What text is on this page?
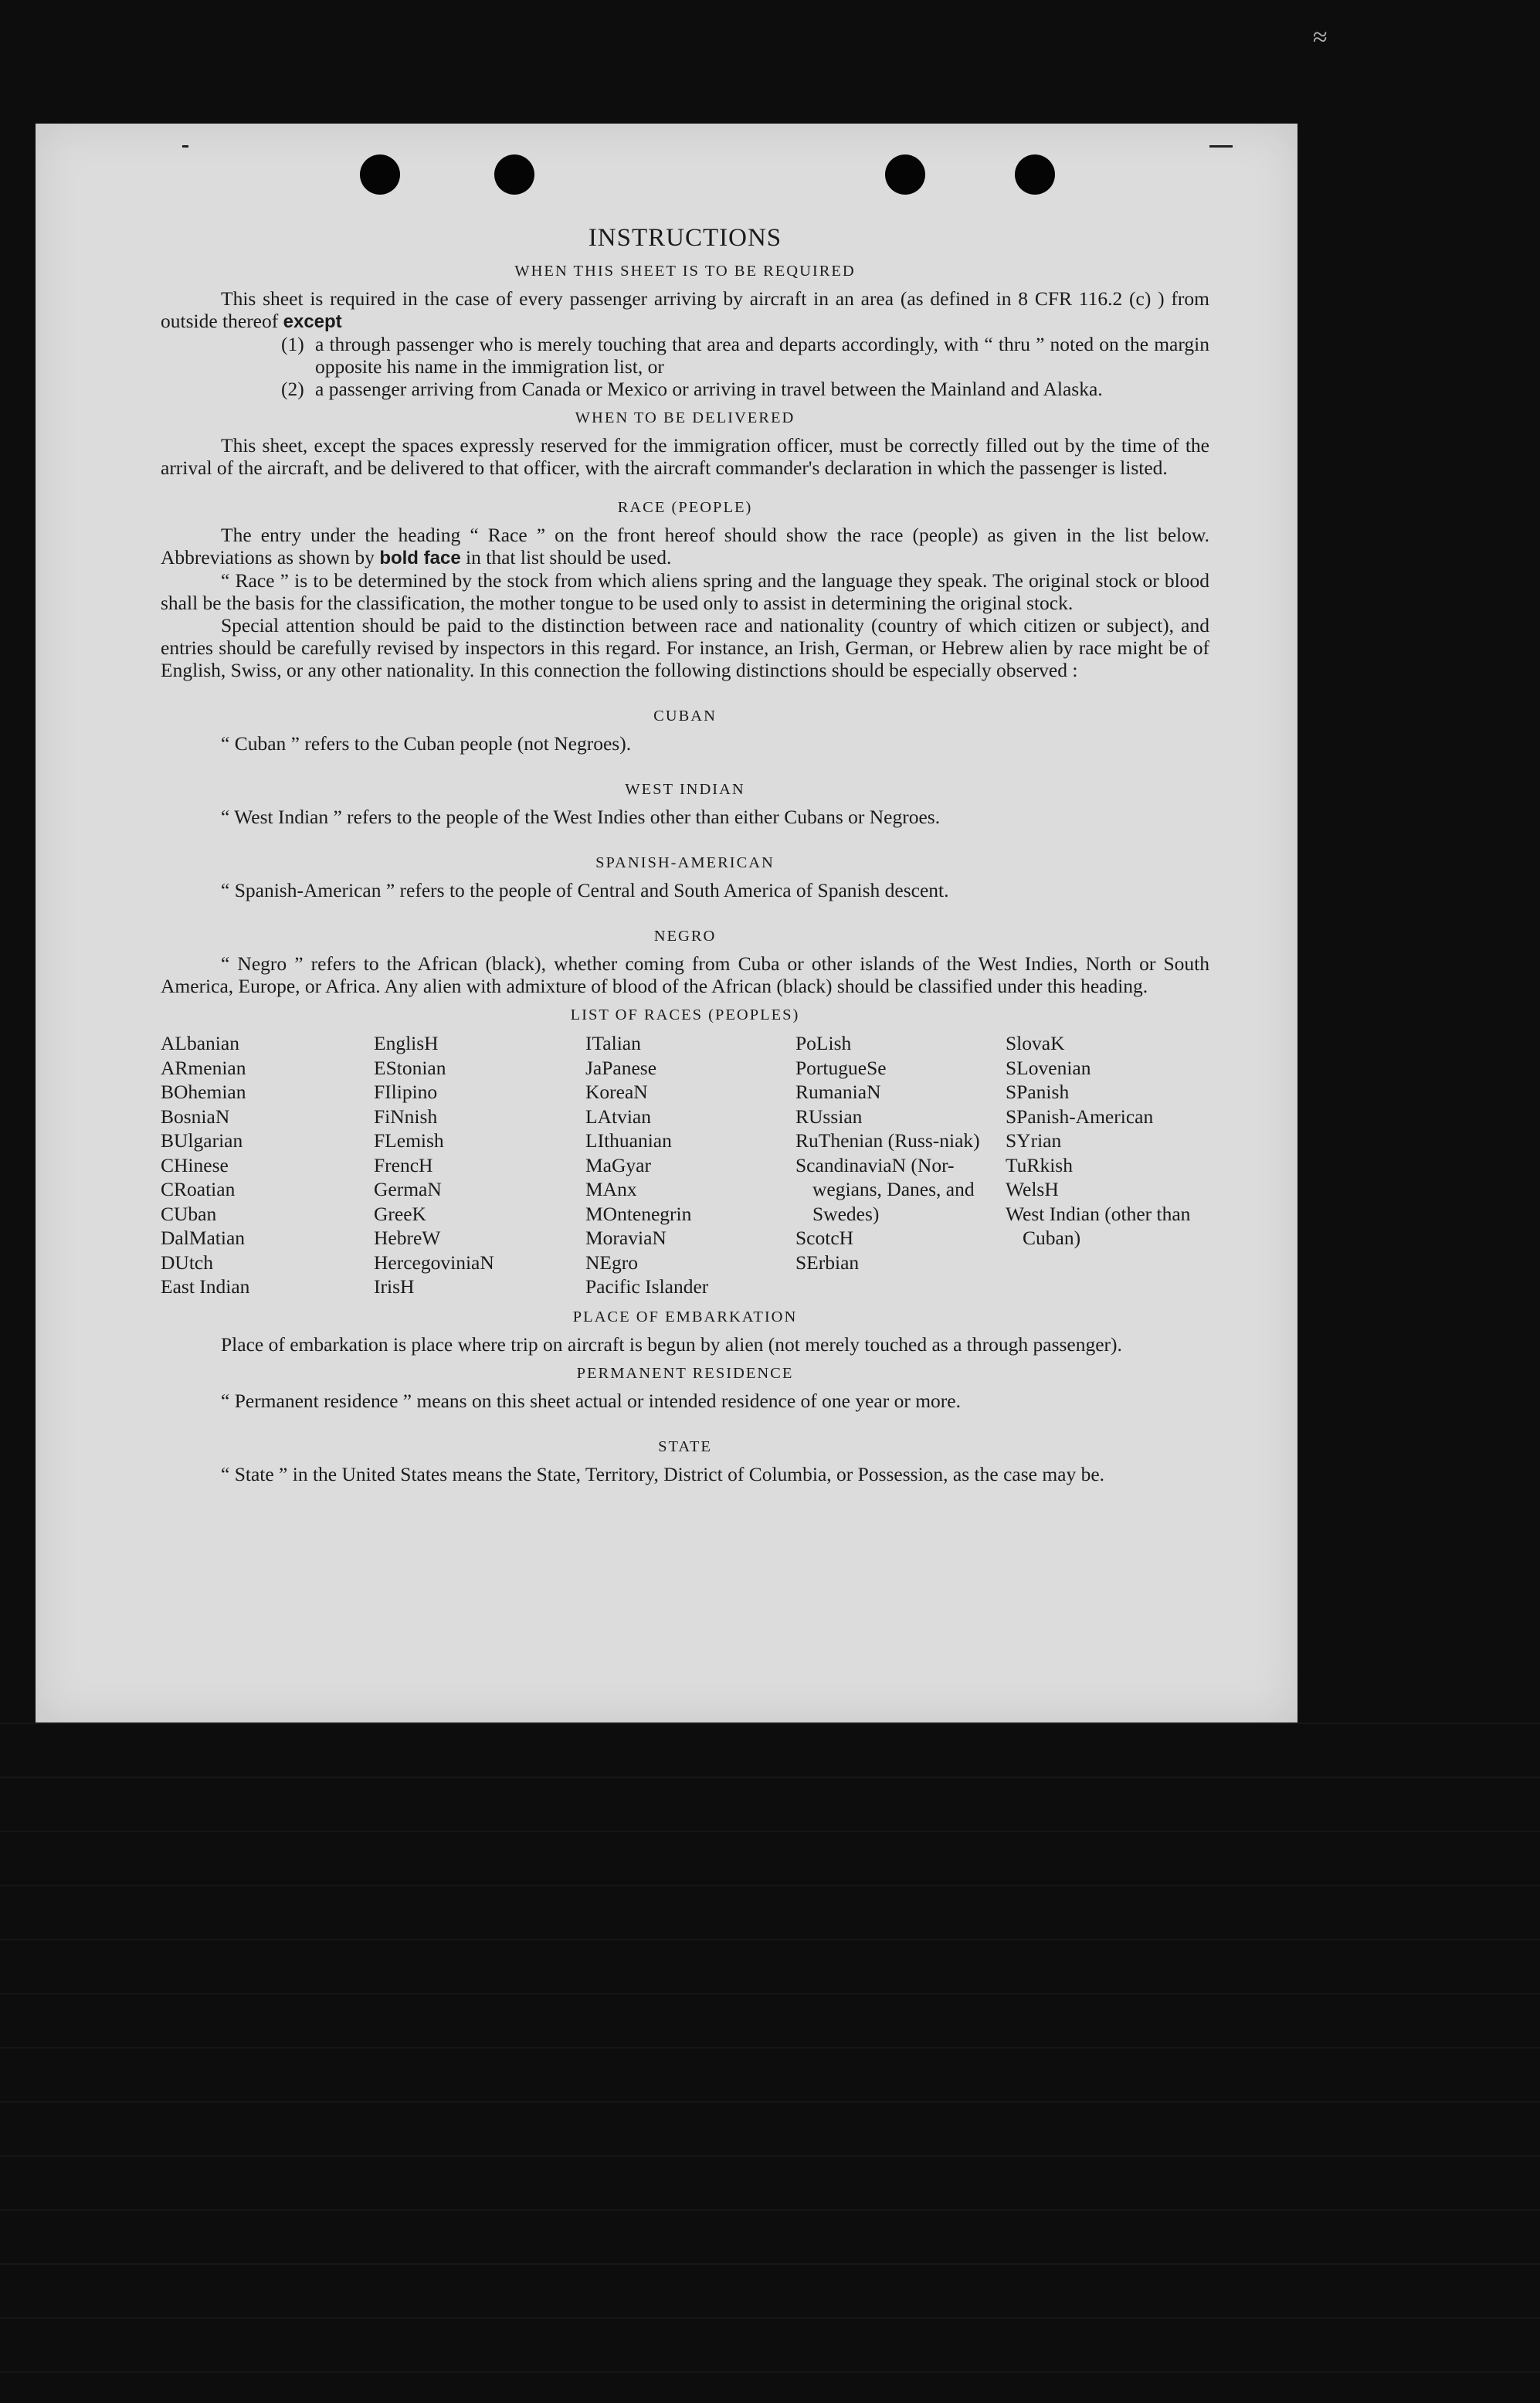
≈
INSTRUCTIONS
WHEN THIS SHEET IS TO BE REQUIRED

This sheet is required in the case of every passenger arriving by aircraft in an area (as defined in 8 CFR 116.2 (c) ) from outside thereof except

(1) a through passenger who is merely touching that area and departs accordingly, with “ thru ” noted on the margin opposite his name in the immigration list, or
(2) a passenger arriving from Canada or Mexico or arriving in travel between the Mainland and Alaska.
WHEN TO BE DELIVERED

This sheet, except the spaces expressly reserved for the immigration officer, must be correctly filled out by the time of the arrival of the aircraft, and be delivered to that officer, with the aircraft commander's declaration in which the passenger is listed.

RACE (PEOPLE)

The entry under the heading “ Race ” on the front hereof should show the race (people) as given in the list below. Abbreviations as shown by bold face in that list should be used.

“ Race ” is to be determined by the stock from which aliens spring and the language they speak. The original stock or blood shall be the basis for the classification, the mother tongue to be used only to assist in determining the original stock.

Special attention should be paid to the distinction between race and nationality (country of which citizen or subject), and entries should be carefully revised by inspectors in this regard. For instance, an Irish, German, or Hebrew alien by race might be of English, Swiss, or any other nationality. In this connection the following distinctions should be especially observed :

CUBAN

“ Cuban ” refers to the Cuban people (not Negroes).

WEST INDIAN

“ West Indian ” refers to the people of the West Indies other than either Cubans or Negroes.

SPANISH-AMERICAN

“ Spanish-American ” refers to the people of Central and South America of Spanish descent.

NEGRO

“ Negro ” refers to the African (black), whether coming from Cuba or other islands of the West Indies, North or South America, Europe, or Africa. Any alien with admixture of blood of the African (black) should be classified under this heading.

LIST OF RACES (PEOPLES)
ALbanian
ARmenian
BOhemian
BosniaN
BUlgarian
CHinese
CRoatian
CUban
DalMatian
DUtch
East Indian
EnglisH
EStonian
FIlipino
FiNnish
FLemish
FrencH
GermaN
GreeK
HebreW
HercegoviniaN
IrisH
ITalian
JaPanese
KoreaN
LAtvian
LIthuanian
MaGyar
MAnx
MOntenegrin
MoraviaN
NEgro
Pacific Islander
PoLish
PortugueSe
RumaniaN
RUssian
RuThenian (Russ-niak)
ScandinaviaN (Nor-wegians, Danes, and Swedes)
ScotcH
SErbian
SlovaK
SLovenian
SPanish
SPanish-American
SYrian
TuRkish
WelsH
West Indian (other than Cuban)
PLACE OF EMBARKATION

Place of embarkation is place where trip on aircraft is begun by alien (not merely touched as a through passenger).

PERMANENT RESIDENCE

“ Permanent residence ” means on this sheet actual or intended residence of one year or more.

STATE

“ State ” in the United States means the State, Territory, District of Columbia, or Possession, as the case may be.
